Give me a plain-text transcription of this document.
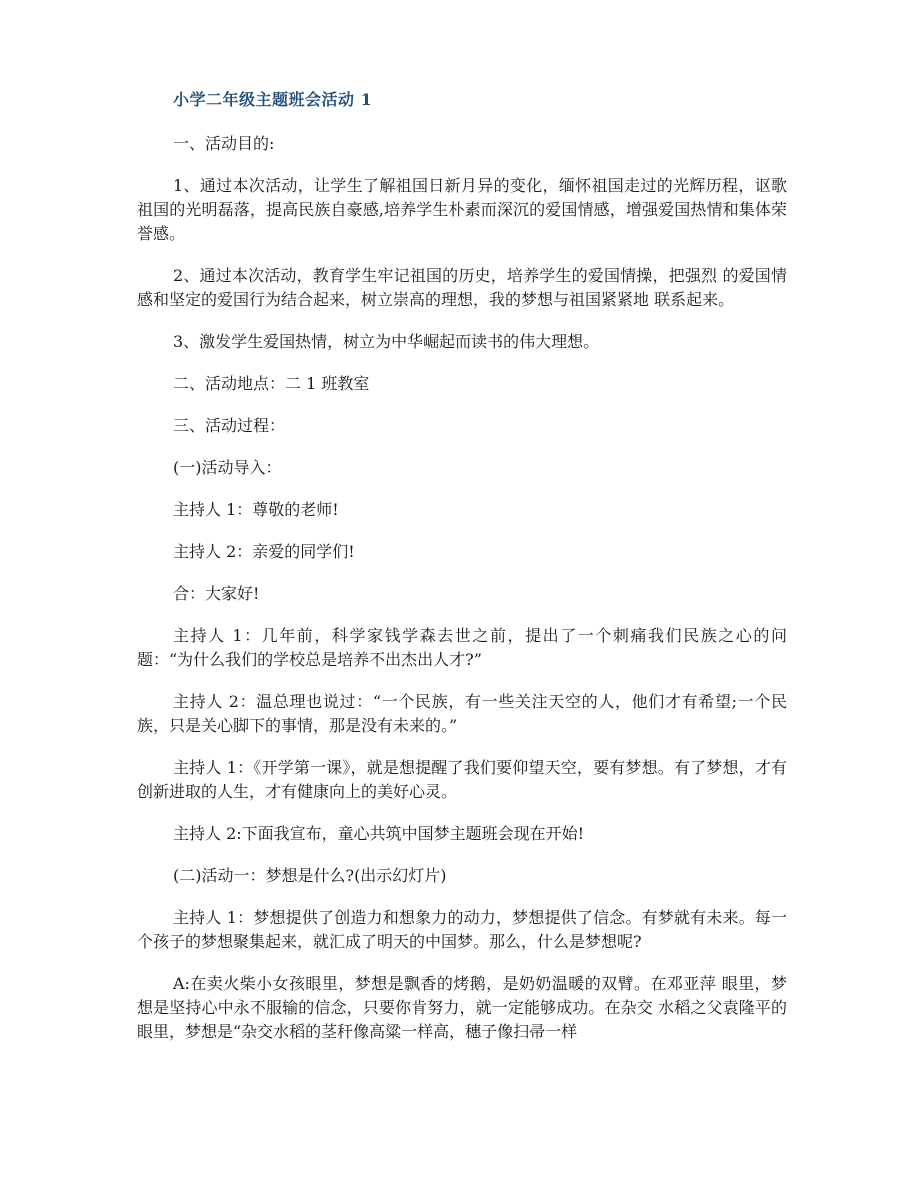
小学二年级主题班会活动 1

一、活动目的:

1、通过本次活动，让学生了解祖国日新月异的变化，缅怀祖国走过的光辉历程，讴歌祖国的光明磊落，提高民族自豪感,培养学生朴素而深沉的爱国情感，增强爱国热情和集体荣誉感。

2、通过本次活动，教育学生牢记祖国的历史，培养学生的爱国情操，把强烈 的爱国情感和坚定的爱国行为结合起来，树立崇高的理想，我的梦想与祖国紧紧地 联系起来。

3、激发学生爱国热情，树立为中华崛起而读书的伟大理想。

二、活动地点：二 1 班教室

三、活动过程：

(一)活动导入：

主持人 1：尊敬的老师!

主持人 2：亲爱的同学们!

合：大家好!

主持人 1：几年前，科学家钱学森去世之前，提出了一个刺痛我们民族之心的问题：“为什么我们的学校总是培养不出杰出人才?”

主持人 2：温总理也说过：“一个民族，有一些关注天空的人，他们才有希望;一个民族，只是关心脚下的事情，那是没有未来的。”

主持人 1：《开学第一课》，就是想提醒了我们要仰望天空，要有梦想。有了梦想，才有创新进取的人生，才有健康向上的美好心灵。

主持人 2:下面我宣布，童心共筑中国梦主题班会现在开始!

(二)活动一：梦想是什么?(出示幻灯片)

主持人 1：梦想提供了创造力和想象力的动力，梦想提供了信念。有梦就有未来。每一个孩子的梦想聚集起来，就汇成了明天的中国梦。那么，什么是梦想呢?

A:在卖火柴小女孩眼里，梦想是飘香的烤鹅，是奶奶温暖的双臂。在邓亚萍 眼里，梦想是坚持心中永不服输的信念，只要你肯努力，就一定能够成功。在杂交 水稻之父袁隆平的眼里，梦想是“杂交水稻的茎秆像高粱一样高，穗子像扫帚一样
